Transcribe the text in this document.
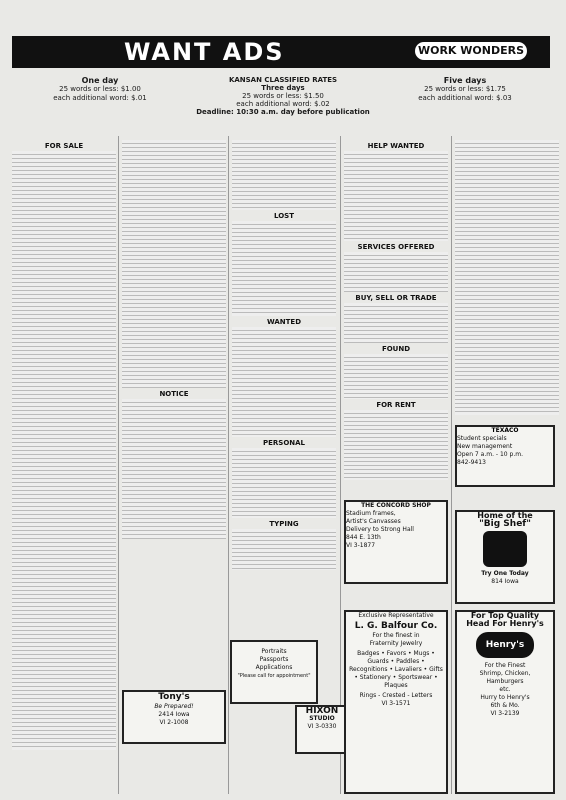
WANT ADS	WORK WONDERS
One day
25 words or less: $1.00
each additional word: $.01
KANSAN CLASSIFIED RATES
Three days
25 words or less: $1.50
each additional word: $.02
Deadline: 10:30 a.m. day before publication
Five days
25 words or less: $1.75
each additional word: $.03
FOR SALE
NOTICE
LOST
WANTED
PERSONAL
TYPING
HELP WANTED
SERVICES OFFERED
BUY, SELL OR TRADE
FOUND
FOR RENT
Tony's
Be Prepared!
2414 Iowa
VI 2-1008
Portraits
Passports
Applications
"Please call for appointment"
HIXON
STUDIO
VI 3-0330
THE CONCORD SHOP
Stadium frames,
Artist's Canvasses
Delivery to Strong Hall
844 E. 13th
VI 3-1877
Exclusive Representative
L. G. Balfour Co.
For the finest in
Fraternity Jewelry
Badges • Favors • Mugs • Guards • Paddles • Recognitions • Lavaliers • Gifts • Stationery • Sportswear • Plaques
Rings - Crested - Letters
VI 3-1571
TEXACO
Student specials
New management
Open 7 a.m. - 10 p.m.
842-9413
Home of the
"Big Shef"
Try One Today
814 Iowa
For Top Quality
Head For Henry's
Henry's
For the Finest
Shrimp, Chicken,
Hamburgers
etc.
Hurry to Henry's
6th & Mo.
VI 3-2139
